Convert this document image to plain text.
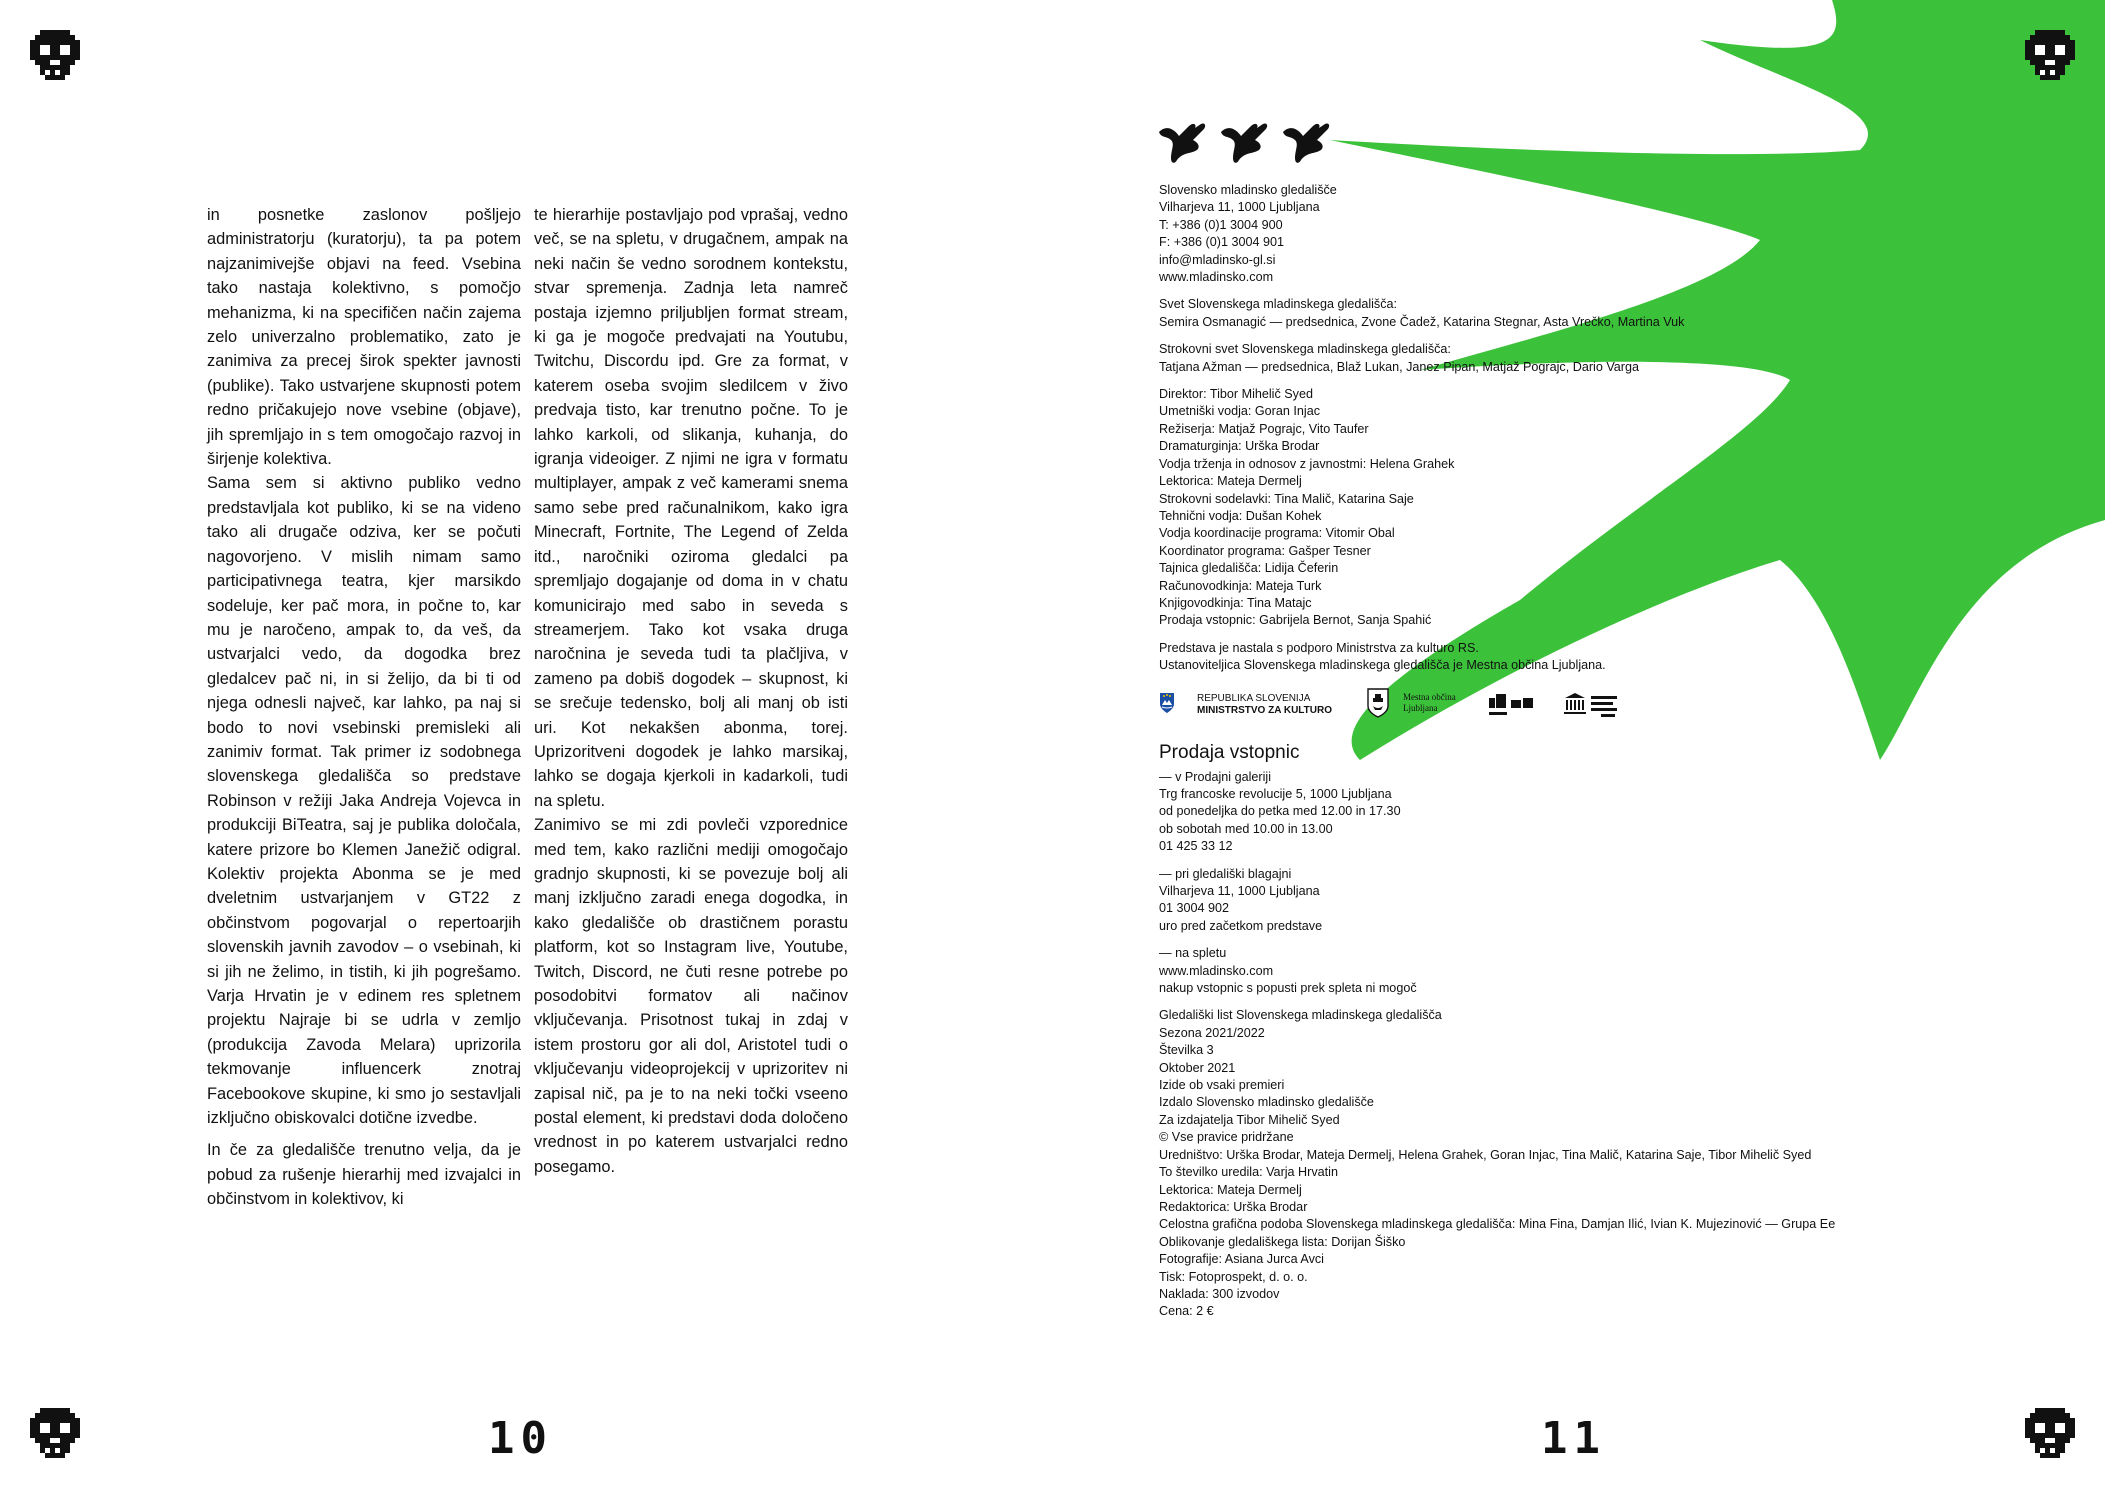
in posnetke zaslonov pošljejo administratorju (kuratorju), ta pa potem najzanimivejše objavi na feed. Vsebina tako nastaja kolektivno, s pomočjo mehanizma, ki na specifičen način zajema zelo univerzalno problematiko, zato je zanimiva za precej širok spekter javnosti (publike). Tako ustvarjene skupnosti potem redno pričakujejo nove vsebine (objave), jih spremljajo in s tem omogočajo razvoj in širjenje kolektiva.

Sama sem si aktivno publiko vedno predstavljala kot publiko, ki se na videno tako ali drugače odziva, ker se počuti nagovorjeno. V mislih nimam samo participativnega teatra, kjer marsikdo sodeluje, ker pač mora, in počne to, kar mu je naročeno, ampak to, da veš, da ustvarjalci vedo, da dogodka brez gledalcev pač ni, in si želijo, da bi ti od njega odnesli največ, kar lahko, pa naj si bodo to novi vsebinski premisleki ali zanimiv format. Tak primer iz sodobnega slovenskega gledališča so predstave Robinson v režiji Jaka Andreja Vojevca in produkciji BiTeatra, saj je publika določala, katere prizore bo Klemen Janežič odigral. Kolektiv projekta Abonma se je med dveletnim ustvarjanjem v GT22 z občinstvom pogovarjal o repertoarjih slovenskih javnih zavodov – o vsebinah, ki si jih ne želimo, in tistih, ki jih pogrešamo. Varja Hrvatin je v edinem res spletnem projektu Najraje bi se udrla v zemljo (produkcija Zavoda Melara) uprizorila tekmovanje influencerk znotraj Facebookove skupine, ki smo jo sestavljali izključno obiskovalci dotične izvedbe.

In če za gledališče trenutno velja, da je pobud za rušenje hierarhij med izvajalci in občinstvom in kolektivov, ki

te hierarhije postavljajo pod vprašaj, vedno več, se na spletu, v drugačnem, ampak na neki način še vedno sorodnem kontekstu, stvar spremenja. Zadnja leta namreč postaja izjemno priljubljen format stream, ki ga je mogoče predvajati na Youtubu, Twitchu, Discordu ipd. Gre za format, v katerem oseba svojim sledilcem v živo predvaja tisto, kar trenutno počne. To je lahko karkoli, od slikanja, kuhanja, do igranja videoiger. Z njimi ne igra v formatu multiplayer, ampak z več kamerami snema samo sebe pred računalnikom, kako igra Minecraft, Fortnite, The Legend of Zelda itd., naročniki oziroma gledalci pa spremljajo dogajanje od doma in v chatu komunicirajo med sabo in seveda s streamerjem. Tako kot vsaka druga naročnina je seveda tudi ta plačljiva, v zameno pa dobiš dogodek – skupnost, ki se srečuje tedensko, bolj ali manj ob isti uri. Kot nekakšen abonma, torej. Uprizoritveni dogodek je lahko marsikaj, lahko se dogaja kjerkoli in kadarkoli, tudi na spletu.

Zanimivo se mi zdi povleči vzporednice med tem, kako različni mediji omogočajo gradnjo skupnosti, ki se povezuje bolj ali manj izključno zaradi enega dogodka, in kako gledališče ob drastičnem porastu platform, kot so Instagram live, Youtube, Twitch, Discord, ne čuti resne potrebe po posodobitvi formatov ali načinov vključevanja. Prisotnost tukaj in zdaj v istem prostoru gor ali dol, Aristotel tudi o vključevanju videoprojekcij v uprizoritev ni zapisal nič, pa je to na neki točki vseeno postal element, ki predstavi doda določeno vrednost in po katerem ustvarjalci redno posegamo.

10	11
Slovensko mladinsko gledališče
Vilharjeva 11, 1000 Ljubljana
T: +386 (0)1 3004 900
F: +386 (0)1 3004 901
info@mladinsko-gl.si
www.mladinsko.com
Svet Slovenskega mladinskega gledališča:
Semira Osmanagić — predsednica, Zvone Čadež, Katarina Stegnar, Asta Vrečko, Martina Vuk
Strokovni svet Slovenskega mladinskega gledališča:
Tatjana Ažman — predsednica, Blaž Lukan, Janez Pipan, Matjaž Pograjc, Dario Varga
Direktor: Tibor Mihelič Syed
Umetniški vodja: Goran Injac
Režiserja: Matjaž Pograjc, Vito Taufer
Dramaturginja: Urška Brodar
Vodja trženja in odnosov z javnostmi: Helena Grahek
Lektorica: Mateja Dermelj
Strokovni sodelavki: Tina Malič, Katarina Saje
Tehnični vodja: Dušan Kohek
Vodja koordinacije programa: Vitomir Obal
Koordinator programa: Gašper Tesner
Tajnica gledališča: Lidija Čeferin
Računovodkinja: Mateja Turk
Knjigovodkinja: Tina Matajc
Prodaja vstopnic: Gabrijela Bernot, Sanja Spahić
Predstava je nastala s podporo Ministrstva za kulturo RS.
Ustanoviteljica Slovenskega mladinskega gledališča je Mestna občina Ljubljana.
Prodaja vstopnic
— v Prodajni galeriji
Trg francoske revolucije 5, 1000 Ljubljana
od ponedeljka do petka med 12.00 in 17.30
ob sobotah med 10.00 in 13.00
01 425 33 12
— pri gledališki blagajni
Vilharjeva 11, 1000 Ljubljana
01 3004 902
uro pred začetkom predstave
— na spletu
www.mladinsko.com
nakup vstopnic s popusti prek spleta ni mogoč
Gledališki list Slovenskega mladinskega gledališča
Sezona 2021/2022
Številka 3
Oktober 2021
Izide ob vsaki premieri
Izdalo Slovensko mladinsko gledališče
Za izdajatelja Tibor Mihelič Syed
© Vse pravice pridržane
Uredništvo: Urška Brodar, Mateja Dermelj, Helena Grahek, Goran Injac, Tina Malič, Katarina Saje, Tibor Mihelič Syed
To številko uredila: Varja Hrvatin
Lektorica: Mateja Dermelj
Redaktorica: Urška Brodar
Celostna grafična podoba Slovenskega mladinskega gledališča: Mina Fina, Damjan Ilić, Ivian K. Mujezinović — Grupa Ee
Oblikovanje gledališkega lista: Dorijan Šiško
Fotografije: Asiana Jurca Avci
Tisk: Fotoprospekt, d. o. o.
Naklada: 300 izvodov
Cena: 2 €
REPUBLIKA SLOVENIJA
MINISTRSTVO ZA KULTURO
Mestna občina
Ljubljana
